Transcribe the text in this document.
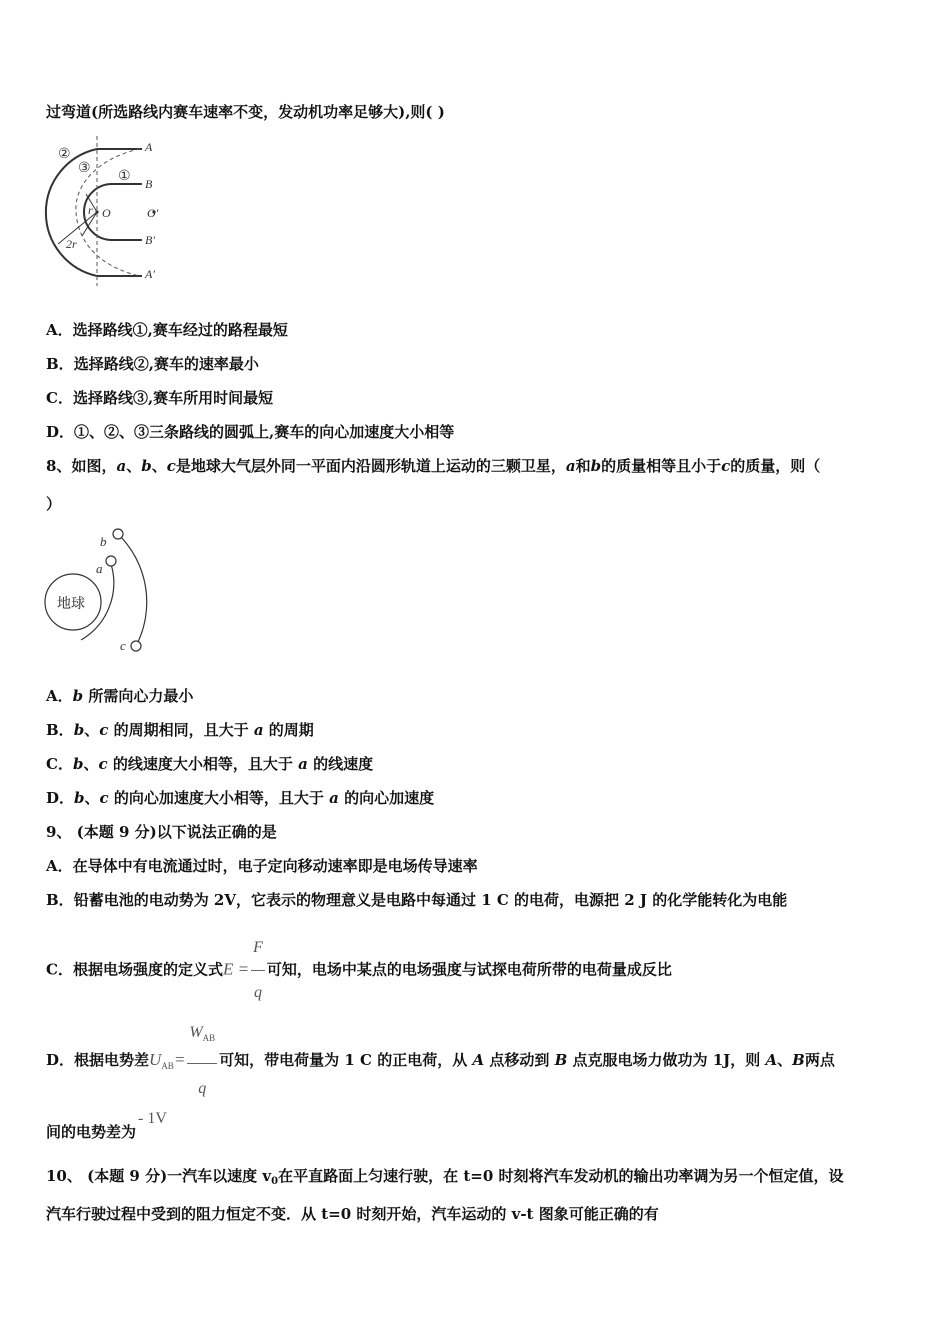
过弯道(所选路线内赛车速率不变，发动机功率足够大),则( )
②
③
①
A
B
O	O′
B′
A′
r
2r
A．选择路线①,赛车经过的路程最短
B．选择路线②,赛车的速率最小
C．选择路线③,赛车所用时间最短
D．①、②、③三条路线的圆弧上,赛车的向心加速度大小相等
8、如图，a、b、c是地球大气层外同一平面内沿圆形轨道上运动的三颗卫星，a和b的质量相等且小于c的质量，则（
）
地球
b
a
c
A．b 所需向心力最小
B．b、c 的周期相同，且大于 a 的周期
C．b、c 的线速度大小相等，且大于 a 的线速度
D．b、c 的向心加速度大小相等，且大于 a 的向心加速度
9、 (本题 9 分)以下说法正确的是
A．在导体中有电流通过时，电子定向移动速率即是电场传导速率
B．铅蓄电池的电动势为 2V，它表示的物理意义是电路中每通过 1 C 的电荷，电源把 2 J 的化学能转化为电能
C．根据电场强度的定义式$E = \frac{F}{q}$ 可知，电场中某点的电场强度与试探电荷所带的电荷量成反比
D．根据电势差$U_{AB}= \frac{W_{AB}}{q}$ 可知，带电荷量为 1 C 的正电荷，从 A 点移动到 B 点克服电场力做功为 1J，则 A、B两点
间的电势差为- 1V
10、 (本题 9 分)一汽车以速度 $v_0$在平直路面上匀速行驶，在 t=0 时刻将汽车发动机的输出功率调为另一个恒定值，设
汽车行驶过程中受到的阻力恒定不变．从 t=0 时刻开始，汽车运动的 v-t 图象可能正确的有
